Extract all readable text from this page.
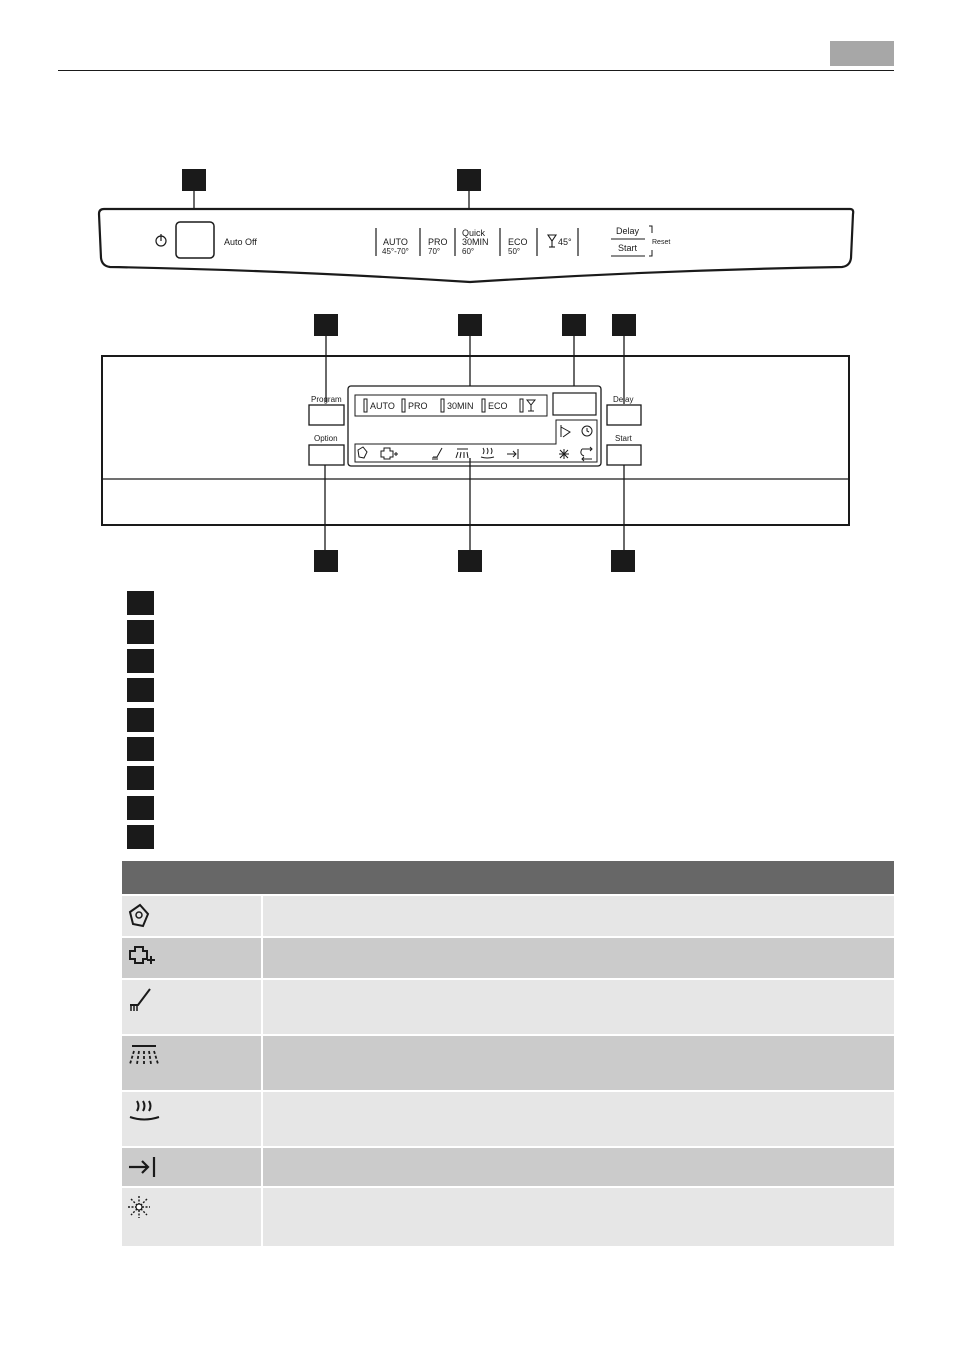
Auto Off	AUTO
45°-70°
PRO
70°
Quick
30MIN
60°
ECO
50°
45°
Delay
Start
Reset
Program
Option
Delay
Start
AUTO PRO 30MIN ECO
